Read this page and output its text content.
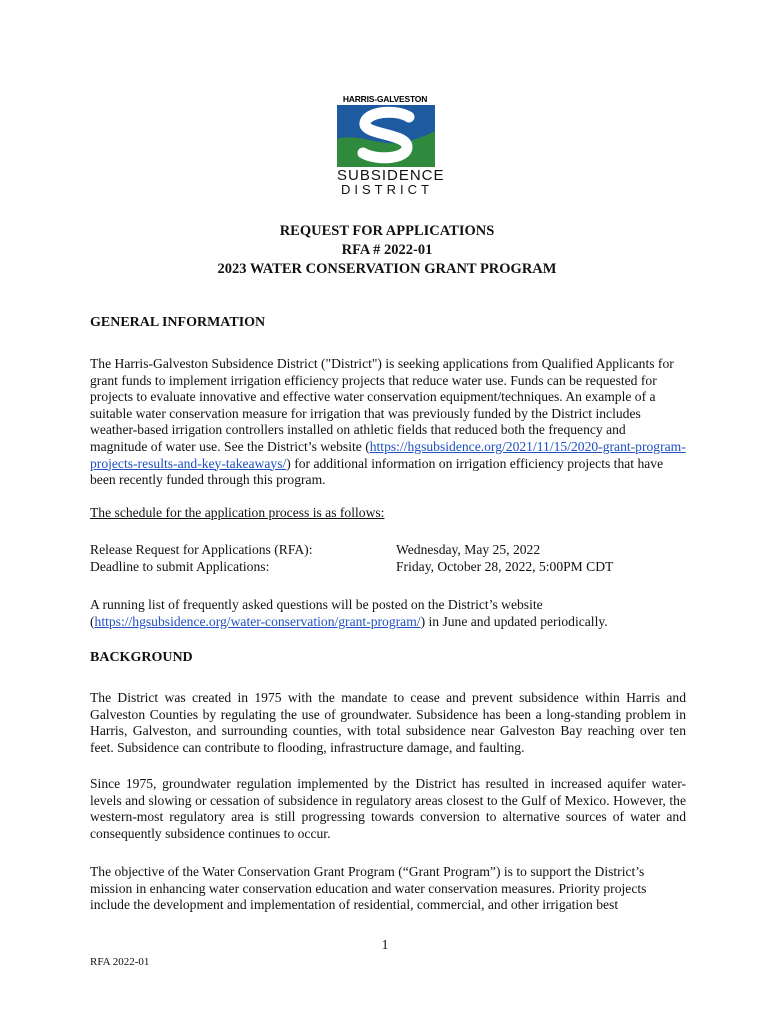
HARRIS-GALVESTON
SUBSIDENCE
DISTRICT
REQUEST FOR APPLICATIONS
RFA # 2022-01
2023 WATER CONSERVATION GRANT PROGRAM
GENERAL INFORMATION
The Harris-Galveston Subsidence District ("District") is seeking applications from Qualified Applicants for grant funds to implement irrigation efficiency projects that reduce water use. Funds can be requested for projects to evaluate innovative and effective water conservation equipment/techniques. An example of a suitable water conservation measure for irrigation that was previously funded by the District includes weather-based irrigation controllers installed on athletic fields that reduced both the frequency and magnitude of water use. See the District’s website (https://hgsubsidence.org/2021/11/15/2020-grant-program-projects-results-and-key-takeaways/) for additional information on irrigation efficiency projects that have been recently funded through this program.
The schedule for the application process is as follows:
Release Request for Applications (RFA):	Wednesday, May 25, 2022
Deadline to submit Applications:	Friday, October 28, 2022, 5:00PM CDT
A running list of frequently asked questions will be posted on the District’s website (https://hgsubsidence.org/water-conservation/grant-program/) in June and updated periodically.
BACKGROUND
The District was created in 1975 with the mandate to cease and prevent subsidence within Harris and Galveston Counties by regulating the use of groundwater. Subsidence has been a long-standing problem in Harris, Galveston, and surrounding counties, with total subsidence near Galveston Bay reaching over ten feet. Subsidence can contribute to flooding, infrastructure damage, and faulting.
Since 1975, groundwater regulation implemented by the District has resulted in increased aquifer water-levels and slowing or cessation of subsidence in regulatory areas closest to the Gulf of Mexico. However, the western-most regulatory area is still progressing towards conversion to alternative sources of water and consequently subsidence continues to occur.
The objective of the Water Conservation Grant Program (“Grant Program”) is to support the District’s mission in enhancing water conservation education and water conservation measures. Priority projects include the development and implementation of residential, commercial, and other irrigation best
1
RFA 2022-01
